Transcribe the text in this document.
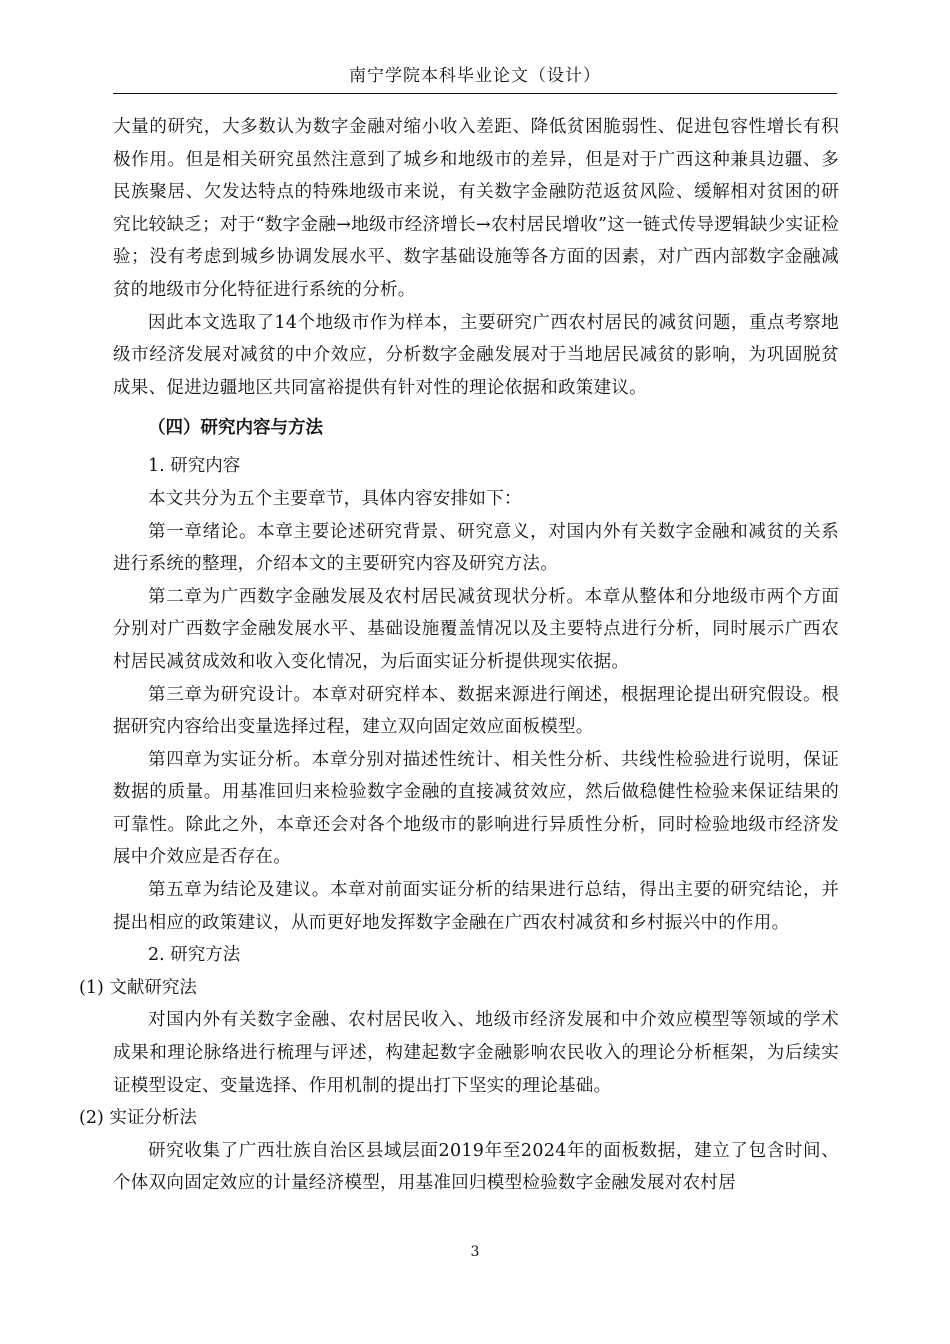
南宁学院本科毕业论文（设计）

大量的研究，大多数认为数字金融对缩小收入差距、降低贫困脆弱性、促进包容性增长有积极作用。但是相关研究虽然注意到了城乡和地级市的差异，但是对于广西这种兼具边疆、多民族聚居、欠发达特点的特殊地级市来说，有关数字金融防范返贫风险、缓解相对贫困的研究比较缺乏；对于“数字金融→地级市经济增长→农村居民增收”这一链式传导逻辑缺少实证检验；没有考虑到城乡协调发展水平、数字基础设施等各方面的因素，对广西内部数字金融减贫的地级市分化特征进行系统的分析。

因此本文选取了14个地级市作为样本，主要研究广西农村居民的减贫问题，重点考察地级市经济发展对减贫的中介效应，分析数字金融发展对于当地居民减贫的影响，为巩固脱贫成果、促进边疆地区共同富裕提供有针对性的理论依据和政策建议。

（四）研究内容与方法

1. 研究内容

本文共分为五个主要章节，具体内容安排如下：

第一章绪论。本章主要论述研究背景、研究意义，对国内外有关数字金融和减贫的关系进行系统的整理，介绍本文的主要研究内容及研究方法。

第二章为广西数字金融发展及农村居民减贫现状分析。本章从整体和分地级市两个方面分别对广西数字金融发展水平、基础设施覆盖情况以及主要特点进行分析，同时展示广西农村居民减贫成效和收入变化情况，为后面实证分析提供现实依据。

第三章为研究设计。本章对研究样本、数据来源进行阐述，根据理论提出研究假设。根据研究内容给出变量选择过程，建立双向固定效应面板模型。

第四章为实证分析。本章分别对描述性统计、相关性分析、共线性检验进行说明，保证数据的质量。用基准回归来检验数字金融的直接减贫效应，然后做稳健性检验来保证结果的可靠性。除此之外，本章还会对各个地级市的影响进行异质性分析，同时检验地级市经济发展中介效应是否存在。

第五章为结论及建议。本章对前面实证分析的结果进行总结，得出主要的研究结论，并提出相应的政策建议，从而更好地发挥数字金融在广西农村减贫和乡村振兴中的作用。

2. 研究方法

(1) 文献研究法

对国内外有关数字金融、农村居民收入、地级市经济发展和中介效应模型等领域的学术成果和理论脉络进行梳理与评述，构建起数字金融影响农民收入的理论分析框架，为后续实证模型设定、变量选择、作用机制的提出打下坚实的理论基础。

(2) 实证分析法

研究收集了广西壮族自治区县域层面2019年至2024年的面板数据，建立了包含时间、个体双向固定效应的计量经济模型，用基准回归模型检验数字金融发展对农村居

3
